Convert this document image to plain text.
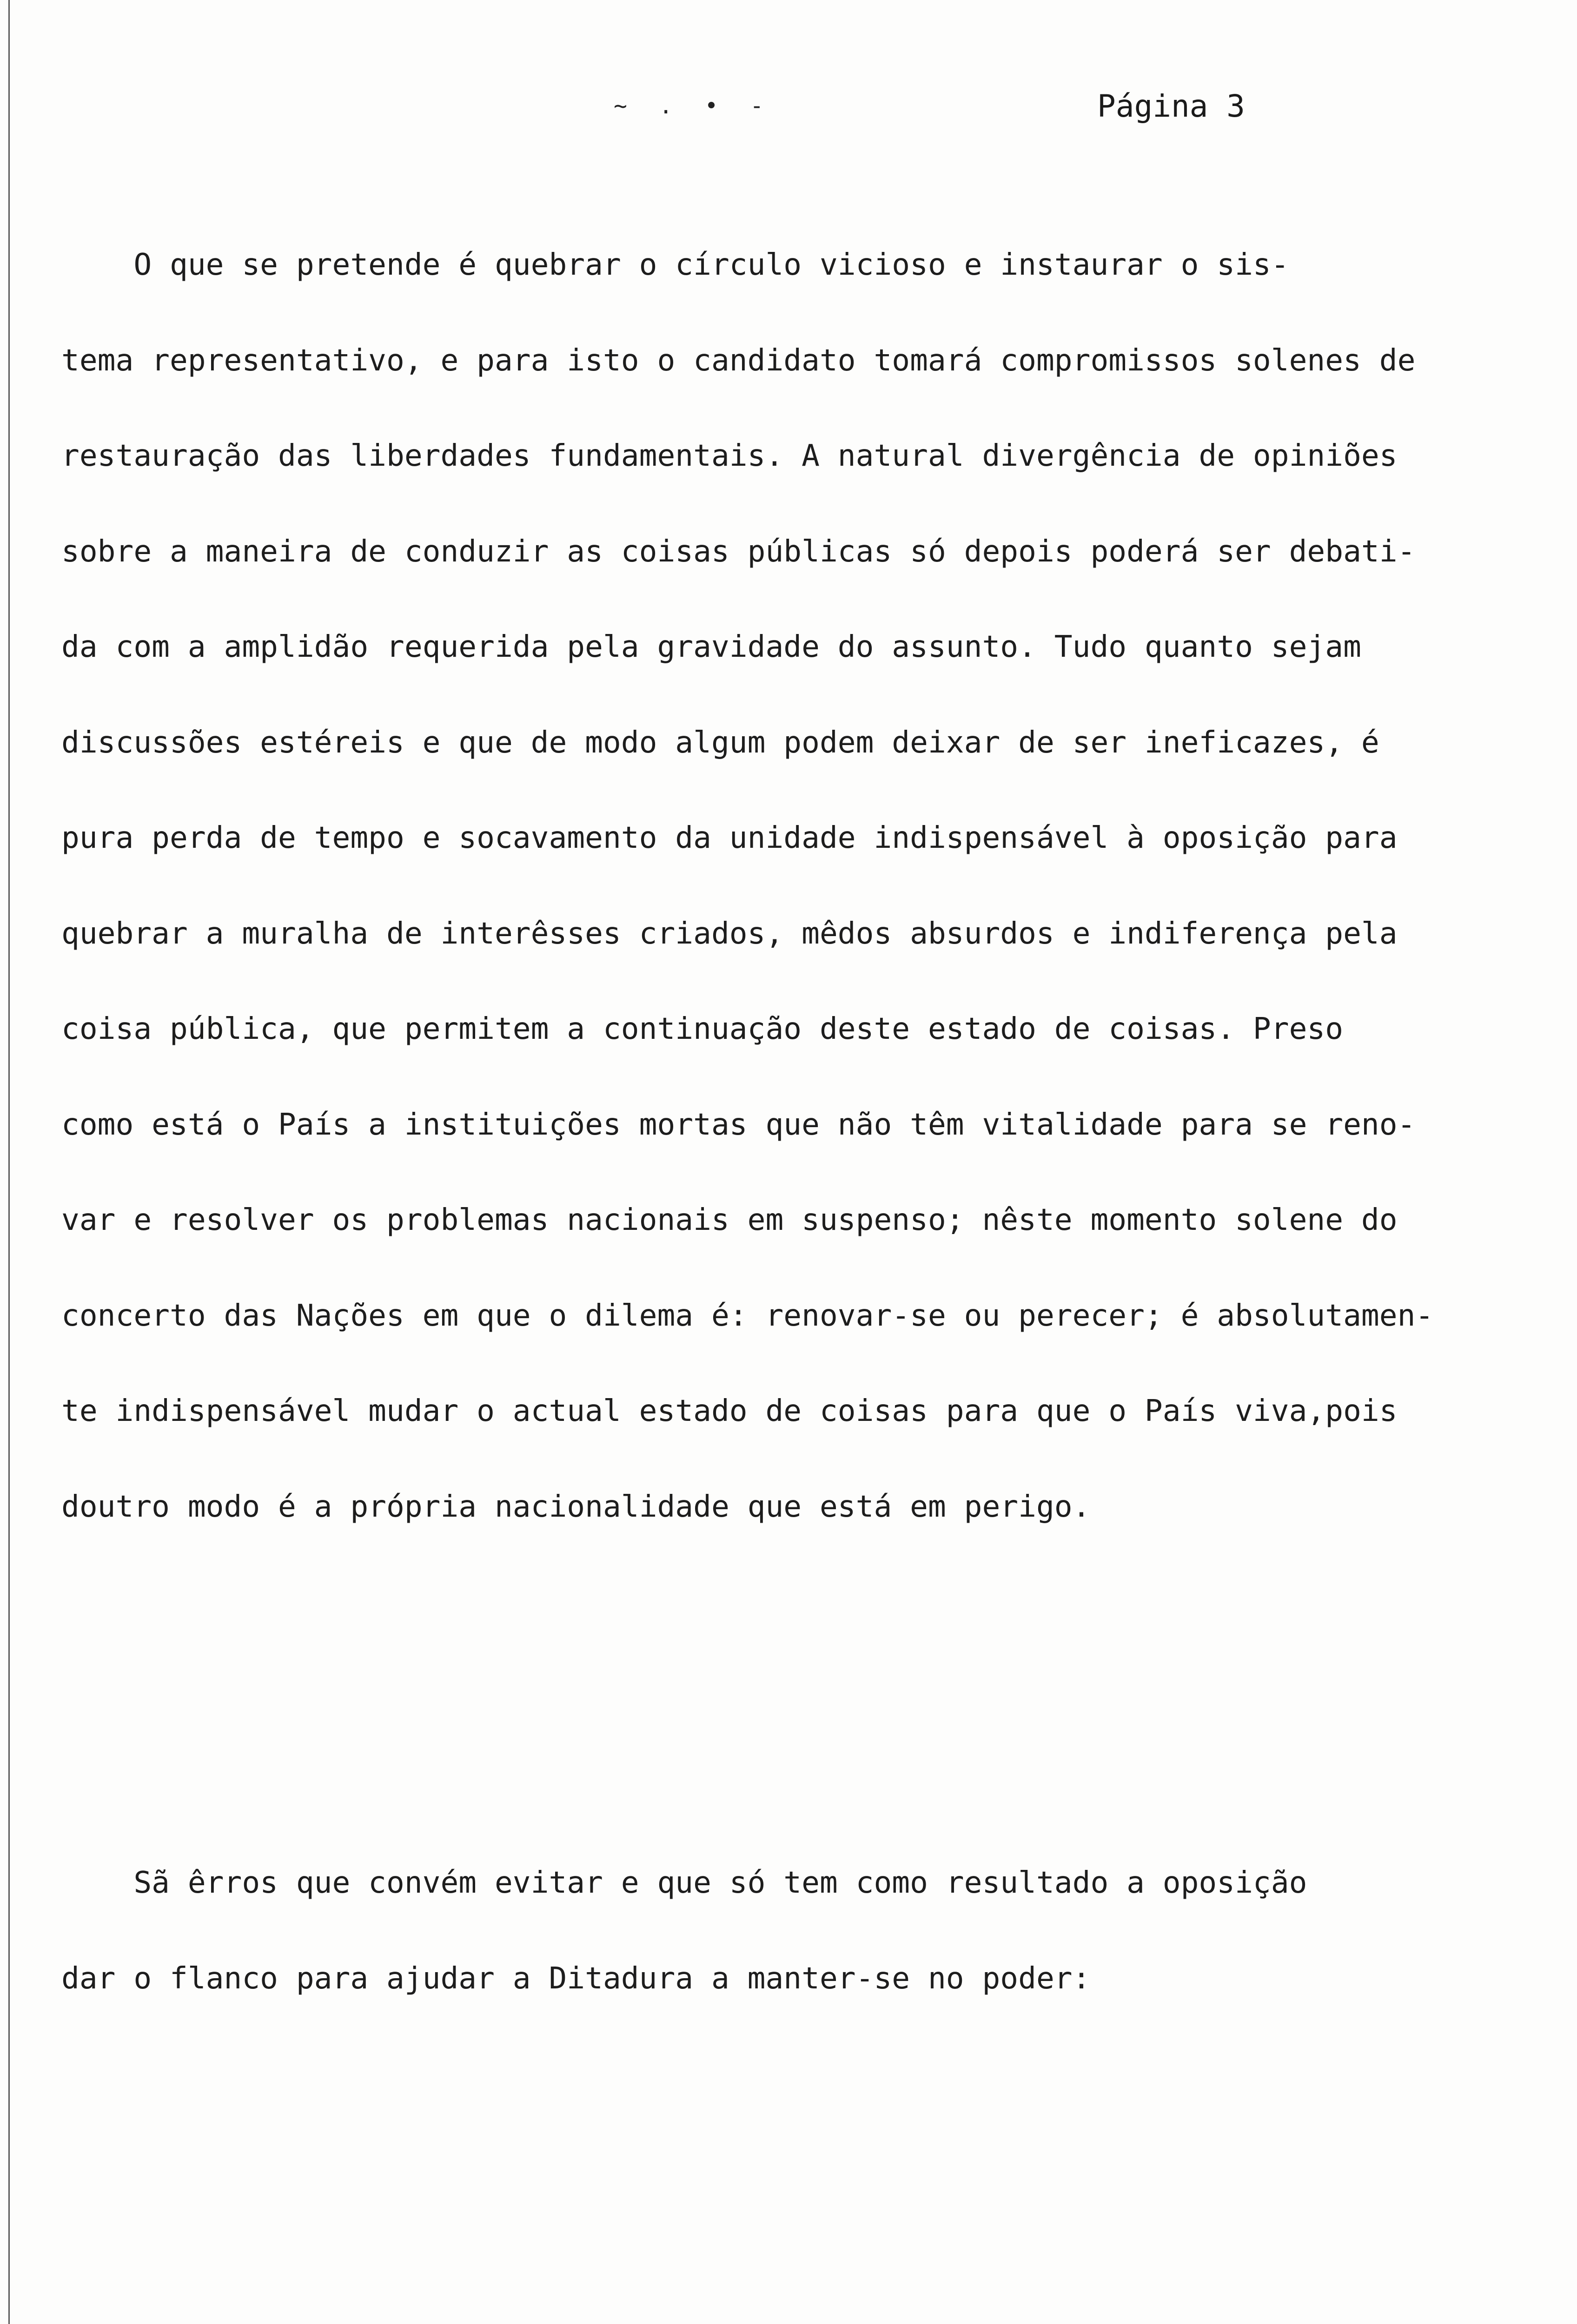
~ . • -	Página 3

O que se pretende é quebrar o círculo vicioso e instaurar o sis-

tema representativo, e para isto o candidato tomará compromissos solenes de

restauração das liberdades fundamentais. A natural divergência de opiniões

sobre a maneira de conduzir as coisas públicas só depois poderá ser debati-

da com a amplidão requerida pela gravidade do assunto. Tudo quanto sejam

discussões estéreis e que de modo algum podem deixar de ser ineficazes, é

pura perda de tempo e socavamento da unidade indispensável à oposição para

quebrar a muralha de interêsses criados, mêdos absurdos e indiferença pela

coisa pública, que permitem a continuação deste estado de coisas. Preso

como está o País a instituições mortas que não têm vitalidade para se reno-

var e resolver os problemas nacionais em suspenso; nêste momento solene do

concerto das Nações em que o dilema é: renovar-se ou perecer; é absolutamen-

te indispensável mudar o actual estado de coisas para que o País viva,pois

doutro modo é a própria nacionalidade que está em perigo.

Sã êrros que convém evitar e que só tem como resultado a oposição

dar o flanco para ajudar a Ditadura a manter-se no poder:
